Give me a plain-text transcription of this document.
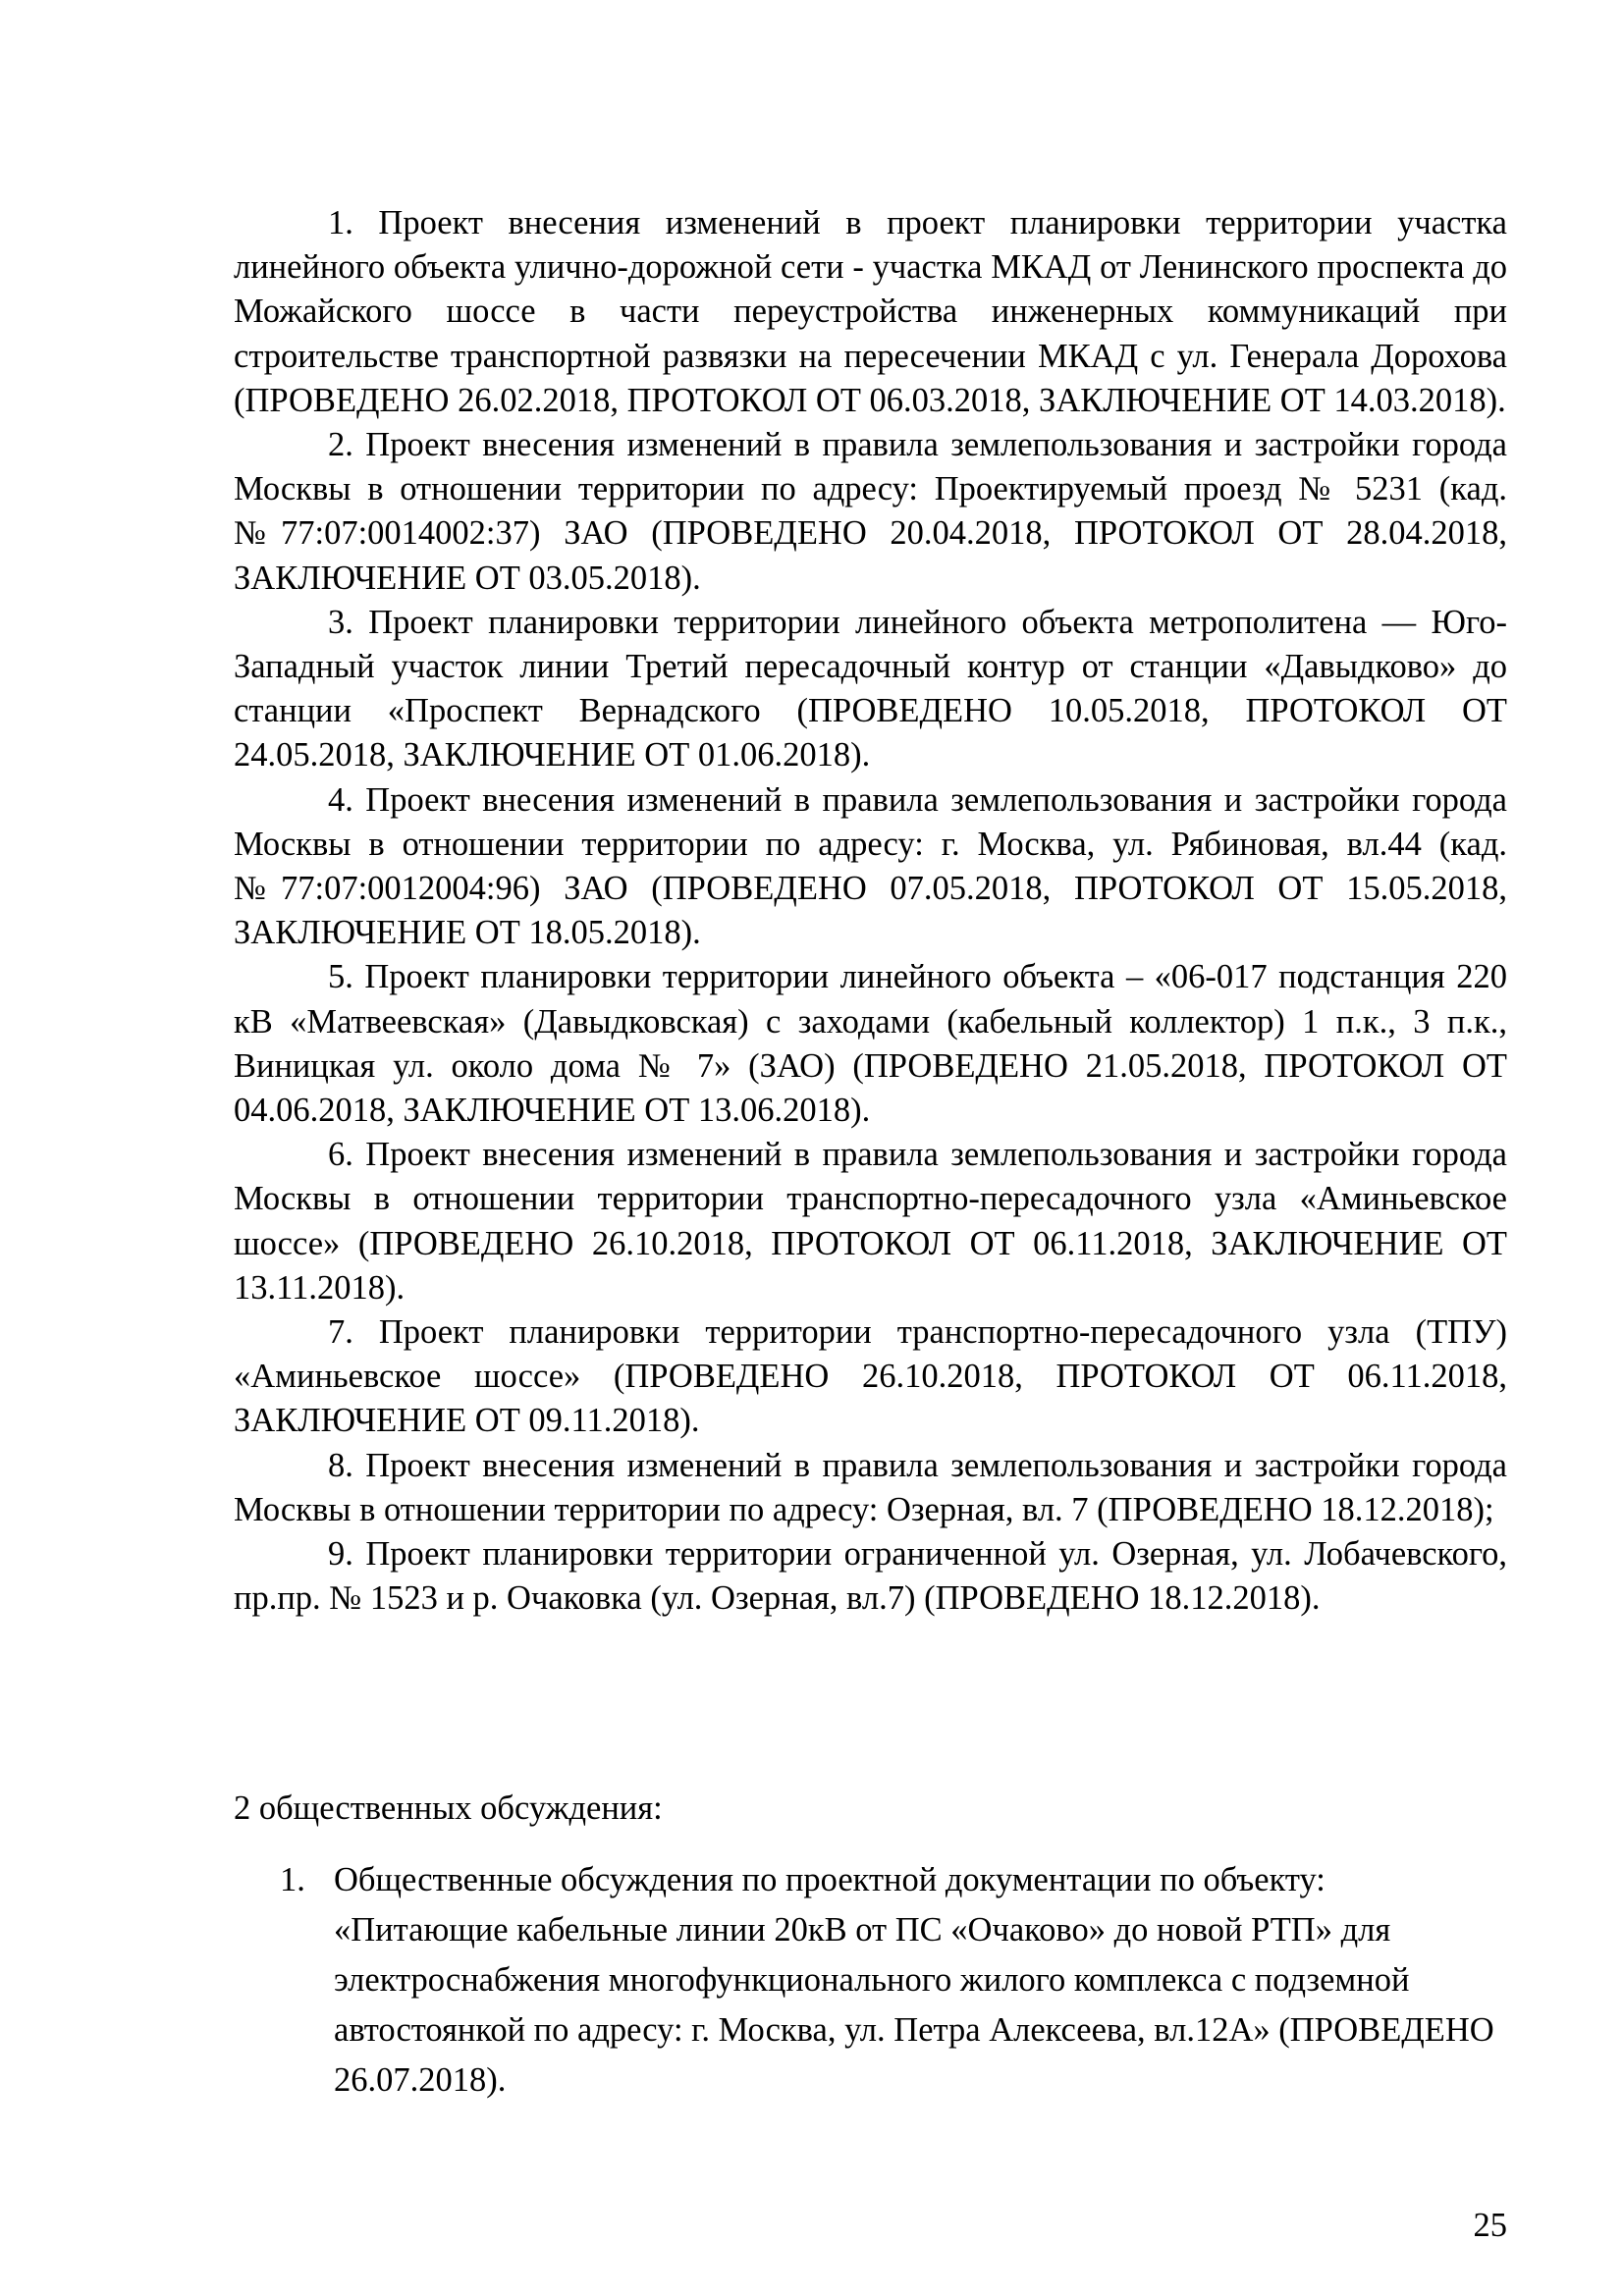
1. Проект внесения изменений в проект планировки территории участка линейного объекта улично-дорожной сети - участка МКАД от Ленинского проспекта до Можайского шоссе в части переустройства инженерных коммуникаций при строительстве транспортной развязки на пересечении МКАД с ул. Генерала Дорохова (ПРОВЕДЕНО 26.02.2018, ПРОТОКОЛ ОТ 06.03.2018, ЗАКЛЮЧЕНИЕ ОТ 14.03.2018).

2. Проект внесения изменений в правила землепользования и застройки города Москвы в отношении территории по адресу: Проектируемый проезд № 5231 (кад. №77:07:0014002:37) ЗАО (ПРОВЕДЕНО 20.04.2018, ПРОТОКОЛ ОТ 28.04.2018, ЗАКЛЮЧЕНИЕ ОТ 03.05.2018).

3. Проект планировки территории линейного объекта метрополитена — Юго-Западный участок линии Третий пересадочный контур от станции «Давыдково» до станции «Проспект Вернадского (ПРОВЕДЕНО 10.05.2018, ПРОТОКОЛ ОТ 24.05.2018, ЗАКЛЮЧЕНИЕ ОТ 01.06.2018).

4. Проект внесения изменений в правила землепользования и застройки города Москвы в отношении территории по адресу: г. Москва, ул. Рябиновая, вл.44 (кад. №77:07:0012004:96) ЗАО (ПРОВЕДЕНО 07.05.2018, ПРОТОКОЛ ОТ 15.05.2018, ЗАКЛЮЧЕНИЕ ОТ 18.05.2018).

5. Проект планировки территории линейного объекта – «06-017 подстанция 220 кВ «Матвеевская» (Давыдковская) с заходами (кабельный коллектор) 1 п.к., 3 п.к., Виницкая ул. около дома № 7» (ЗАО) (ПРОВЕДЕНО 21.05.2018, ПРОТОКОЛ ОТ 04.06.2018, ЗАКЛЮЧЕНИЕ ОТ 13.06.2018).

6. Проект внесения изменений в правила землепользования и застройки города Москвы в отношении территории транспортно-пересадочного узла «Аминьевское шоссе» (ПРОВЕДЕНО 26.10.2018, ПРОТОКОЛ ОТ 06.11.2018, ЗАКЛЮЧЕНИЕ ОТ 13.11.2018).

7. Проект планировки территории транспортно-пересадочного узла (ТПУ) «Аминьевское шоссе» (ПРОВЕДЕНО 26.10.2018, ПРОТОКОЛ ОТ 06.11.2018, ЗАКЛЮЧЕНИЕ ОТ 09.11.2018).

8. Проект внесения изменений в правила землепользования и застройки города Москвы в отношении территории по адресу: Озерная, вл. 7 (ПРОВЕДЕНО 18.12.2018);

9. Проект планировки территории ограниченной ул. Озерная, ул. Лобачевского, пр.пр. № 1523 и р. Очаковка (ул. Озерная, вл.7) (ПРОВЕДЕНО 18.12.2018).

2 общественных обсуждения:

1. Общественные обсуждения по проектной документации по объекту: «Питающие кабельные линии 20кВ от ПС «Очаково» до новой РТП» для электроснабжения многофункционального жилого комплекса с подземной автостоянкой по адресу: г. Москва, ул. Петра Алексеева, вл.12А» (ПРОВЕДЕНО 26.07.2018).
25
